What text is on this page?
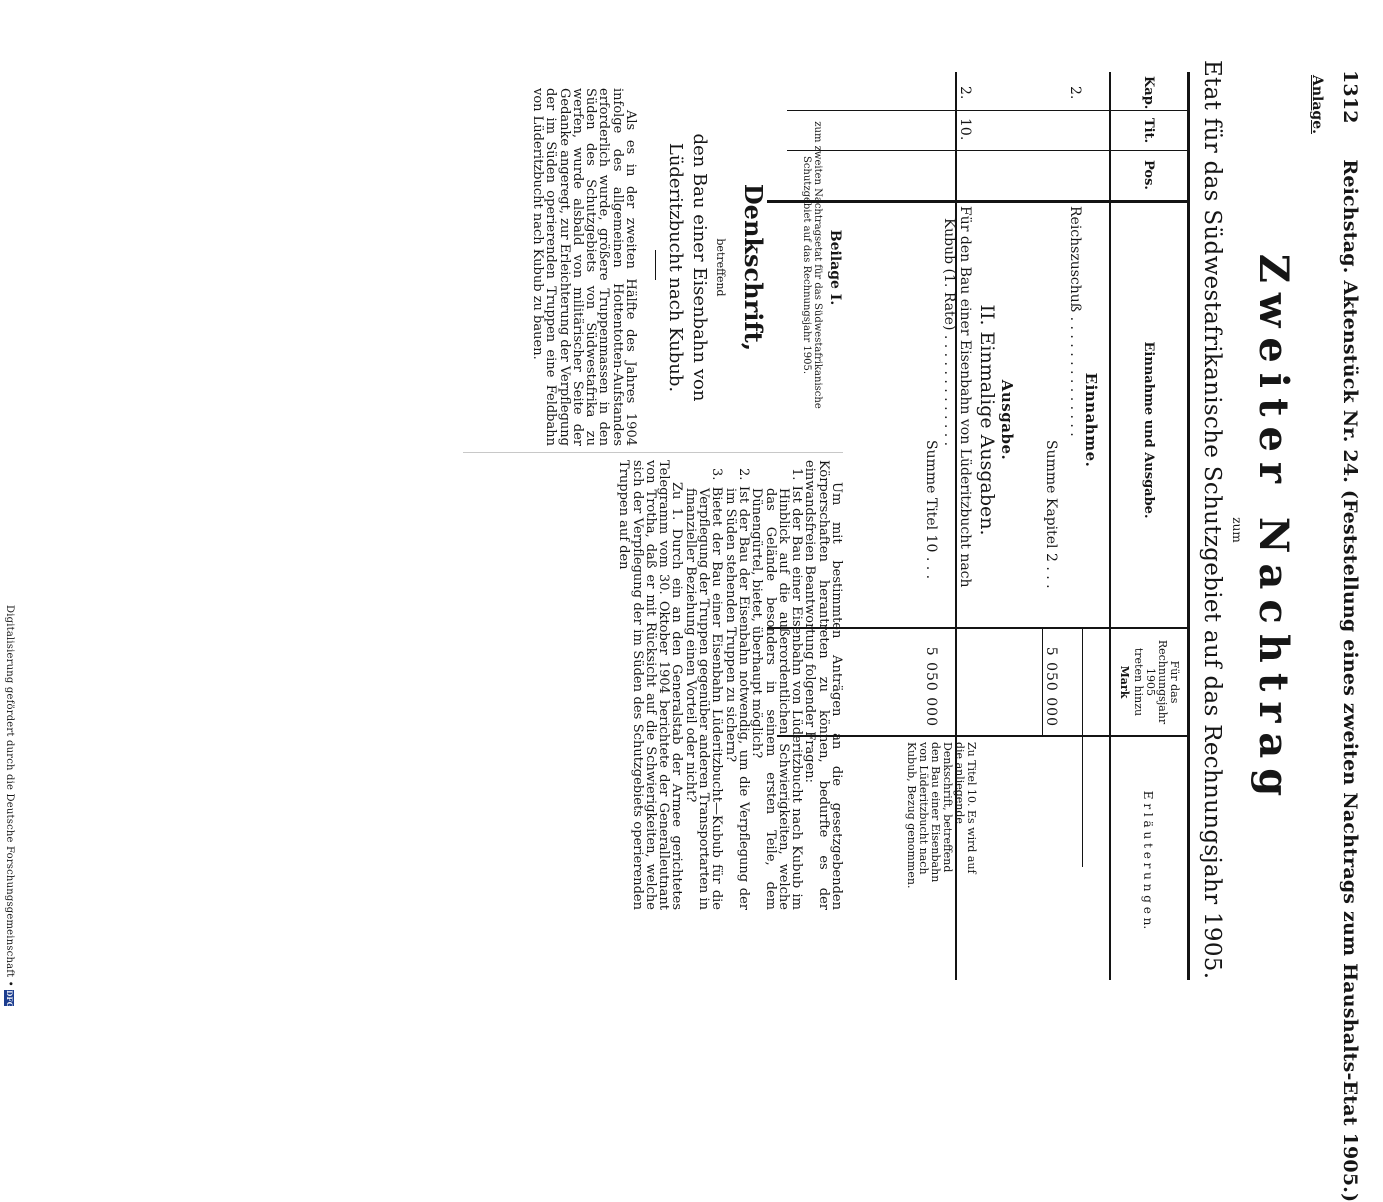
1312  Reichstag. Aktenstück Nr. 24. (Feststellung eines zweiten Nachtrags zum Haushalts-Etat 1905.)
Anlage.
Zweiter Nachtrag
zum
Etat für das Südwestafrikanische Schutzgebiet auf das Rechnungsjahr 1905.
Kap.
Tit.
Pos.
Einnahme und Ausgabe.
Für das
Rechnungsjahr
1905
treten hinzu
Mark
E r l ä u t e r u n g e n.
Einnahme.
2.
Reichszuschuß . . . . . . . . . . . . . .
Summe Kapitel 2 . . .
5 050 000
Ausgabe.
II. Einmalige Ausgaben.
2.
10.
Für den Bau einer Eisenbahn von Lüderitzbucht nach
Kubub (1. Rate) . . . . . . . . . . . . .
Summe Titel 10 . . .
5 050 000
Zu Titel 10. Es wird auf die anliegende Denkschrift, betreffend den Bau einer Eisenbahn von Lüderitzbucht nach Kubub, Bezug genommen.
Beilage I.
zum zweiten Nachtragsetat für das Südwestafrikanische Schutzgebiet auf das Rechnungsjahr 1905.
Denkschrift,
betreffend
den Bau einer Eisenbahn von Lüderitzbucht nach Kubub.

Als es in der zweiten Hälfte des Jahres 1904 infolge des allgemeinen Hottentotten-Aufstandes erforderlich wurde, größere Truppenmassen in den Süden des Schutzgebiets von Südwestafrika zu werfen, wurde alsbald von militärischer Seite der Gedanke angeregt, zur Erleichterung der Verpflegung der im Süden operierenden Truppen eine Feldbahn von Lüderitzbucht nach Kubub zu bauen.

Um mit bestimmten Anträgen an die gesetzgebenden Körperschaften herantreten zu können, bedurfte es der einwandsfreien Beantwortung folgender Fragen:

1. Ist der Bau einer Eisenbahn von Lüderitzbucht nach Kubub im Hinblick auf die außerordentlichen Schwierigkeiten, welche das Gelände besonders in seinem ersten Teile, dem Dünengürtel, bietet, überhaupt möglich?

2. Ist der Bau der Eisenbahn notwendig, um die Verpflegung der im Süden stehenden Truppen zu sichern?

3. Bietet der Bau einer Eisenbahn Lüderitzbucht—Kubub für die Verpflegung der Truppen gegenüber anderen Transportarten in finanzieller Beziehung einen Vorteil oder nicht?

Zu 1. Durch ein an den Generalstab der Armee gerichtetes Telegramm vom 30. Oktober 1904 berichtete der Generalleutnant von Trotha, daß er mit Rücksicht auf die Schwierigkeiten, welche sich der Verpflegung der im Süden des Schutzgebiets operierenden Truppen auf den

Digitalisierung gefördert durch die Deutsche Forschungsgemeinschaft • DFG
